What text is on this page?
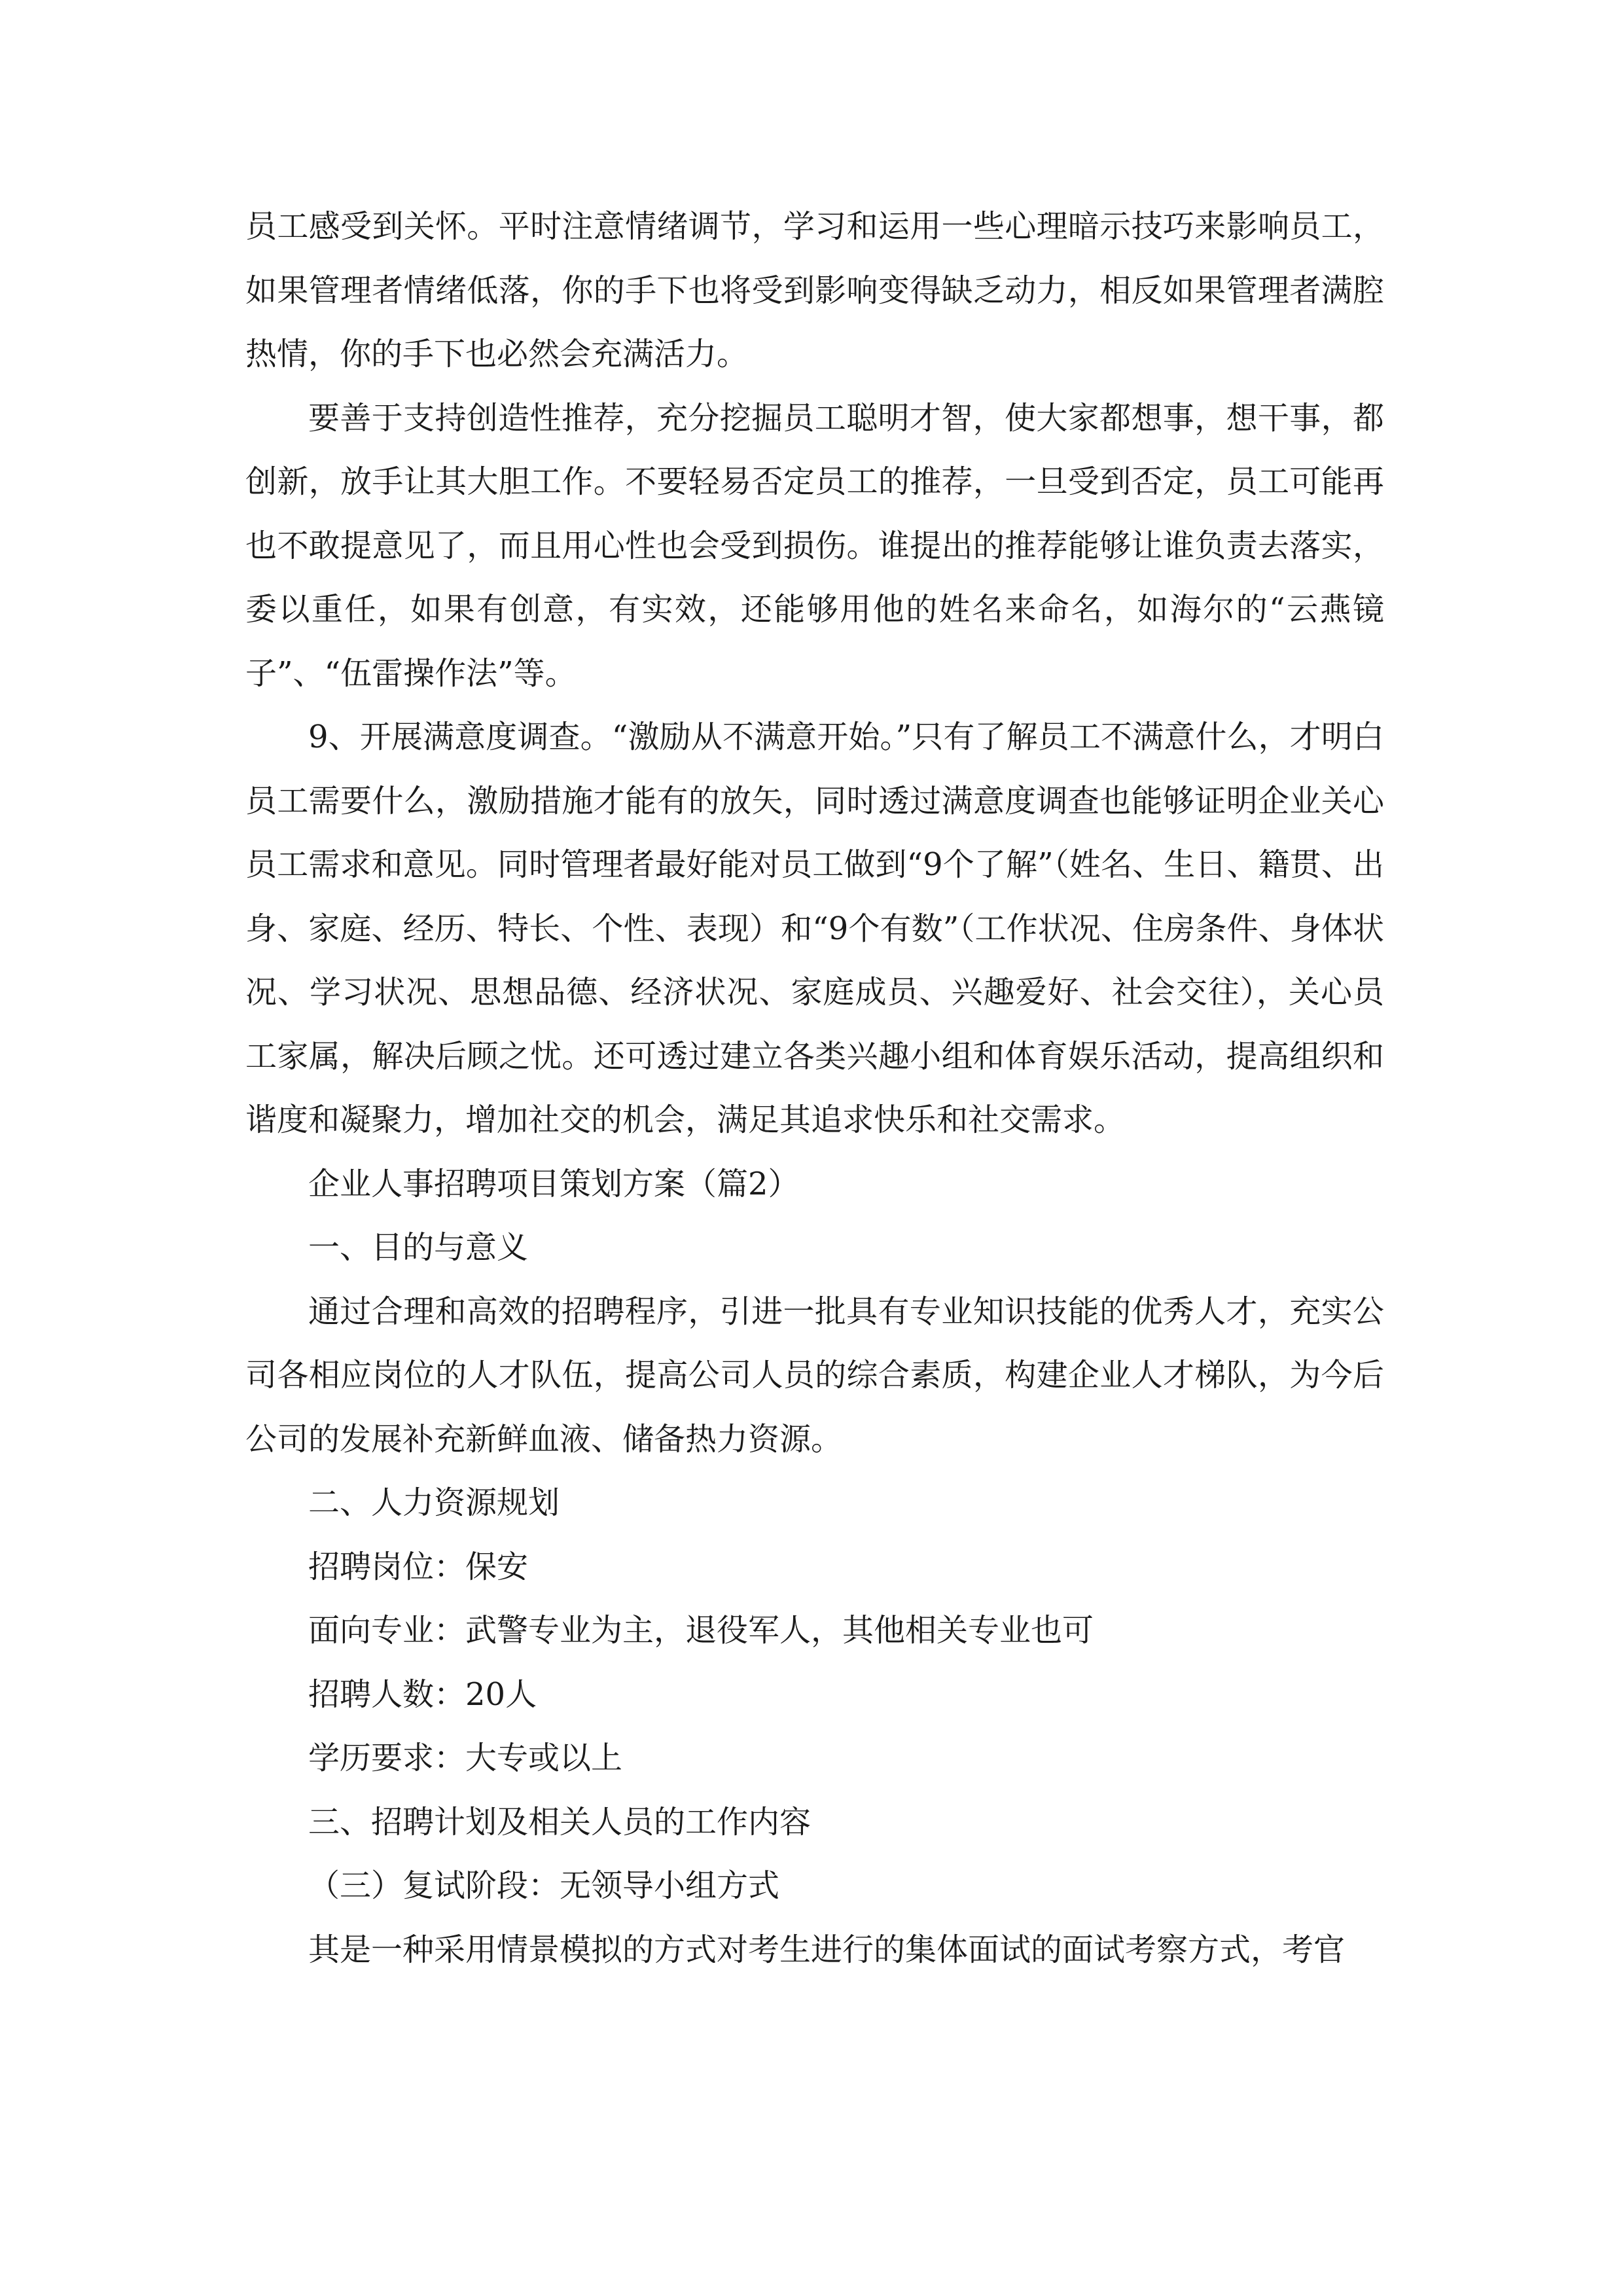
员工感受到关怀。平时注意情绪调节，学习和运用一些心理暗示技巧来影响员工，如果管理者情绪低落，你的手下也将受到影响变得缺乏动力，相反如果管理者满腔热情，你的手下也必然会充满活力。

要善于支持创造性推荐，充分挖掘员工聪明才智，使大家都想事，想干事，都创新，放手让其大胆工作。不要轻易否定员工的推荐，一旦受到否定，员工可能再也不敢提意见了，而且用心性也会受到损伤。谁提出的推荐能够让谁负责去落实，委以重任，如果有创意，有实效，还能够用他的姓名来命名，如海尔的“云燕镜子”、“伍雷操作法”等。

9、开展满意度调查。“激励从不满意开始。”只有了解员工不满意什么，才明白员工需要什么，激励措施才能有的放矢，同时透过满意度调查也能够证明企业关心员工需求和意见。同时管理者最好能对员工做到“9个了解”（姓名、生日、籍贯、出身、家庭、经历、特长、个性、表现）和“9个有数”（工作状况、住房条件、身体状况、学习状况、思想品德、经济状况、家庭成员、兴趣爱好、社会交往），关心员工家属，解决后顾之忧。还可透过建立各类兴趣小组和体育娱乐活动，提高组织和谐度和凝聚力，增加社交的机会，满足其追求快乐和社交需求。

企业人事招聘项目策划方案（篇2）

一、目的与意义

通过合理和高效的招聘程序，引进一批具有专业知识技能的优秀人才，充实公司各相应岗位的人才队伍，提高公司人员的综合素质，构建企业人才梯队，为今后公司的发展补充新鲜血液、储备热力资源。

二、人力资源规划

招聘岗位：保安

面向专业：武警专业为主，退役军人，其他相关专业也可

招聘人数：20人

学历要求：大专或以上

三、招聘计划及相关人员的工作内容

（三）复试阶段：无领导小组方式

其是一种采用情景模拟的方式对考生进行的集体面试的面试考察方式，考官
